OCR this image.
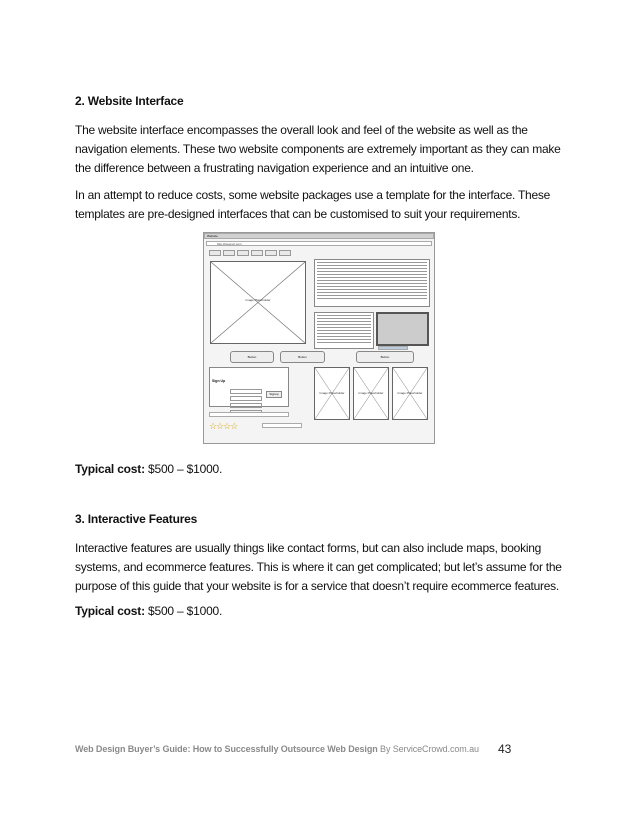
2. Website Interface
The website interface encompasses the overall look and feel of the website as well as the
navigation elements. These two website components are extremely important as they can make
the difference between a frustrating navigation experience and an intuitive one.
In an attempt to reduce costs, some website packages use a template for the interface. These
templates are pre-designed interfaces that can be customised to suit your requirements.
Website
http://www.url.com
Image Placeholder
Button	Button	Button
Sign Up
Signup	Image Placeholder	Image Placeholder	Image Placeholder
☆☆☆☆
Typical cost: $500 – $1000.
3. Interactive Features
Interactive features are usually things like contact forms, but can also include maps, booking
systems, and ecommerce features. This is where it can get complicated; but let’s assume for the
purpose of this guide that your website is for a service that doesn’t require ecommerce features.
Typical cost: $500 – $1000.
Web Design Buyer’s Guide: How to Successfully Outsource Web Design By ServiceCrowd.com.au 43
